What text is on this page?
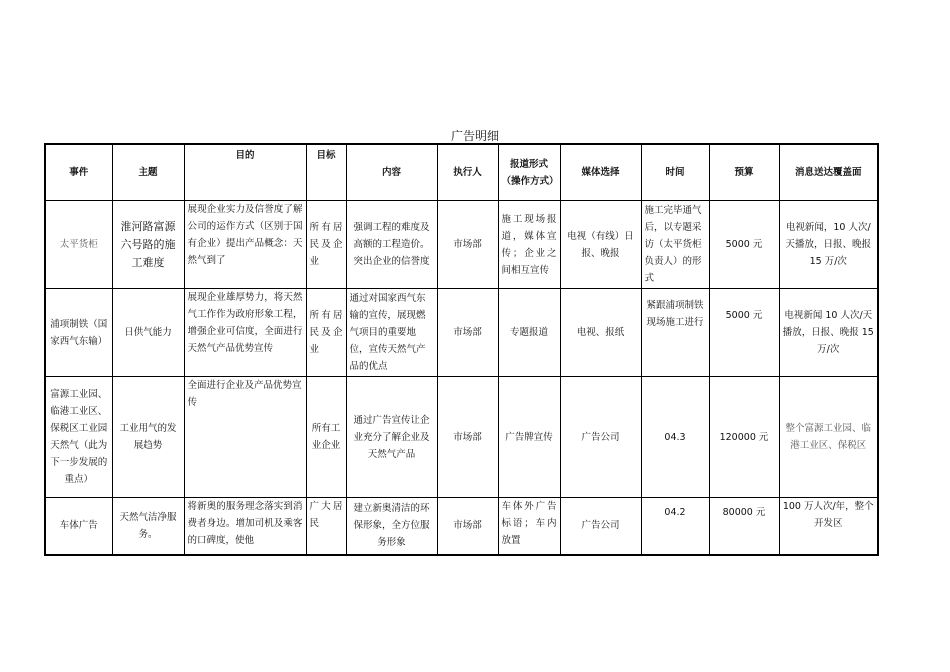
广告明细
事件	主题	目的	目标	内容	执行人	报道形式（操作方式）	媒体选择	时间	预算	消息送达覆盖面
太平货柜	淮河路富源六号路的施工难度	展现企业实力及信誉度了解公司的运作方式（区别于国有企业）提出产品概念：天然气到了	所有居民及企业	强调工程的难度及高额的工程造价。突出企业的信誉度	市场部	施工现场报道，媒体宣传；企业之间相互宣传	电视（有线）日报、晚报	施工完毕通气后，以专题采访（太平货柜负责人）的形式	5000 元	电视新闻，10 人次/天播放，日报、晚报 15 万/次
浦项制铁（国家西气东输）	日供气能力	展现企业雄厚势力，将天然气工作作为政府形象工程，增强企业可信度，全面进行天然气产品优势宣传	所有居民及企业	通过对国家西气东输的宣传，展现燃气项目的重要地位，宣传天然气产品的优点	市场部	专题报道	电视、报纸	紧跟浦项制铁现场施工进行	5000 元	电视新闻 10 人次/天播放，日报、晚报 15 万/次
富源工业园、临港工业区、保税区工业园天然气（此为下一步发展的重点）	工业用气的发展趋势	全面进行企业及产品优势宣传	所有工业企业	通过广告宣传让企业充分了解企业及天然气产品	市场部	广告牌宣传	广告公司	04.3	120000 元	整个富源工业园、临港工业区、保税区
车体广告	天然气洁净服务。	将新奥的服务理念落实到消费者身边。增加司机及乘客的口碑度，使他	广大居民	建立新奥清洁的环保形象，全方位服务形象	市场部	车体外广告标语；车内放置	广告公司	04.2	80000 元	100 万人次/年，整个开发区
